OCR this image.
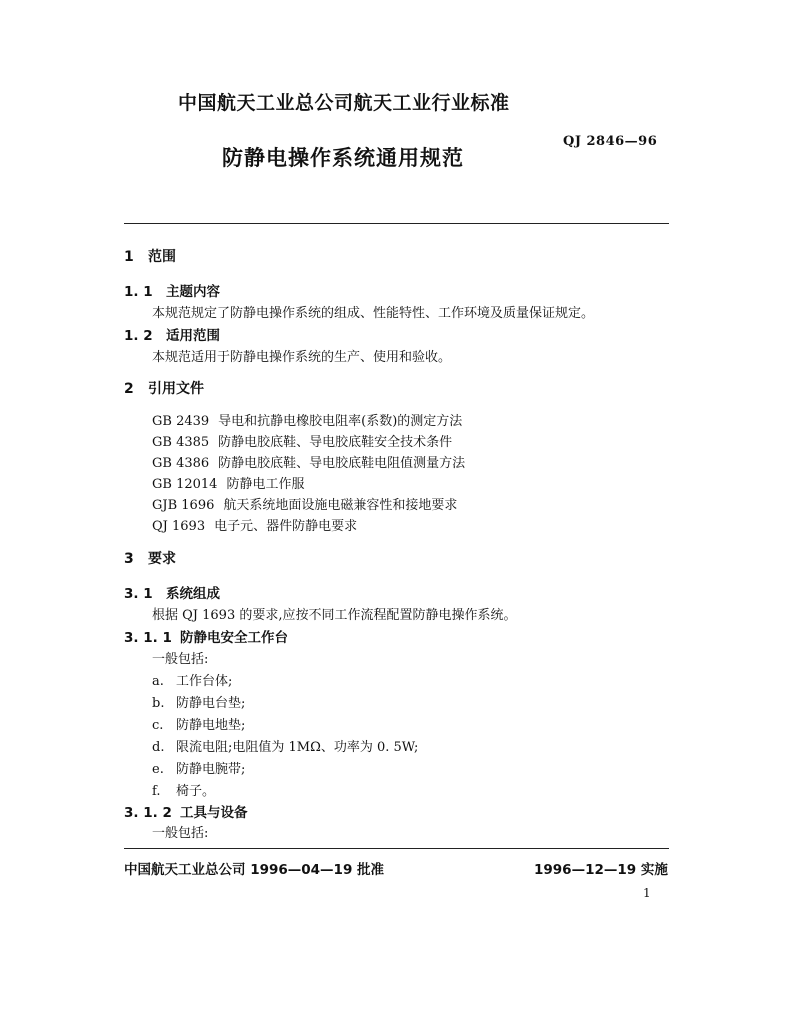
中国航天工业总公司航天工业行业标准
防静电操作系统通用规范
QJ 2846—96
1 范围
1. 1 主题内容
本规范规定了防静电操作系统的组成、性能特性、工作环境及质量保证规定。
1. 2 适用范围
本规范适用于防静电操作系统的生产、使用和验收。
2 引用文件
GB 2439 导电和抗静电橡胶电阻率(系数)的测定方法
GB 4385 防静电胶底鞋、导电胶底鞋安全技术条件
GB 4386 防静电胶底鞋、导电胶底鞋电阻值测量方法
GB 12014 防静电工作服
GJB 1696 航天系统地面设施电磁兼容性和接地要求
QJ 1693 电子元、器件防静电要求
3 要求
3. 1 系统组成
根据 QJ 1693 的要求,应按不同工作流程配置防静电操作系统。
3. 1. 1 防静电安全工作台
一般包括:
a. 工作台体;
b. 防静电台垫;
c. 防静电地垫;
d. 限流电阻;电阻值为 1MΩ、功率为 0. 5W;
e. 防静电腕带;
f. 椅子。
3. 1. 2 工具与设备
一般包括:
中国航天工业总公司 1996—04—19 批准	1996—12—19 实施
1
